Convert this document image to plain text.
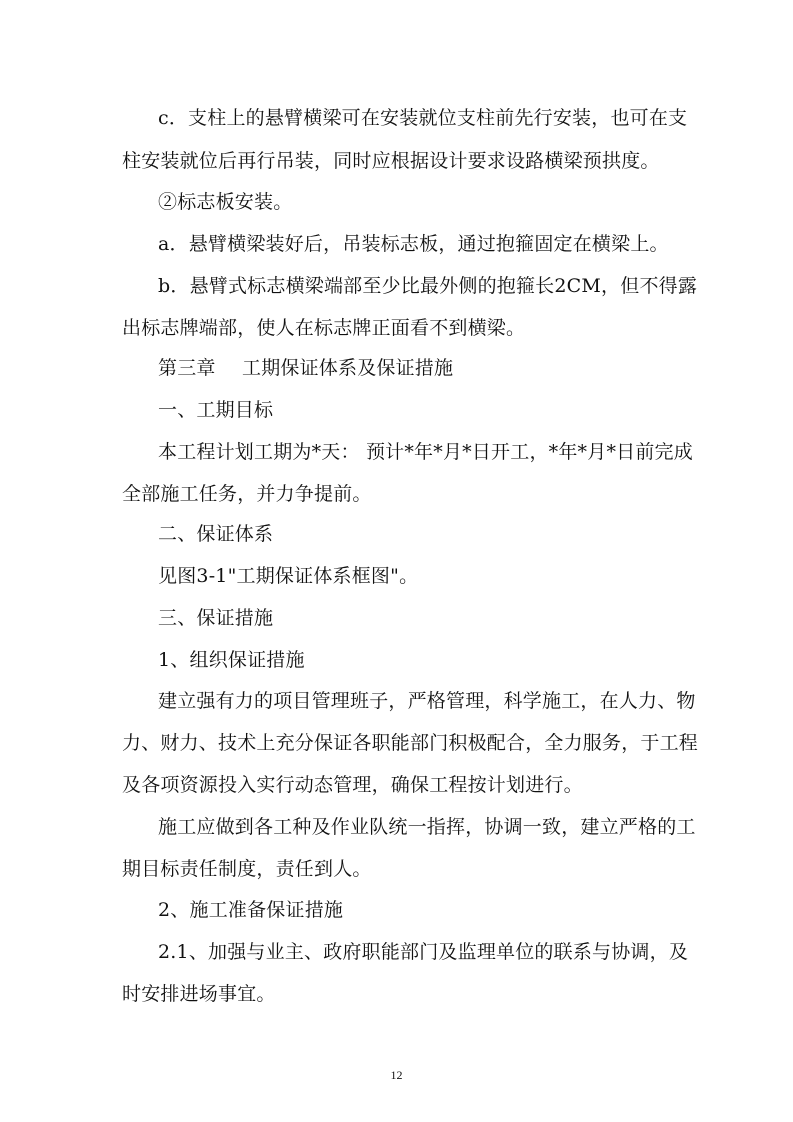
c．支柱上的悬臂横梁可在安装就位支柱前先行安装，也可在支
柱安装就位后再行吊装，同时应根据设计要求设路横梁预拱度。
②标志板安装。
a．悬臂横梁装好后，吊装标志板，通过抱箍固定在横梁上。
b．悬臂式标志横梁端部至少比最外侧的抱箍长2CM，但不得露
出标志牌端部，使人在标志牌正面看不到横梁。
第三章 工期保证体系及保证措施
一、工期目标
本工程计划工期为*天： 预计*年*月*日开工，*年*月*日前完成
全部施工任务，并力争提前。
二、保证体系
见图3-1"工期保证体系框图"。
三、保证措施
1、组织保证措施
建立强有力的项目管理班子，严格管理，科学施工，在人力、物
力、财力、技术上充分保证各职能部门积极配合，全力服务，于工程
及各项资源投入实行动态管理，确保工程按计划进行。
施工应做到各工种及作业队统一指挥，协调一致，建立严格的工
期目标责任制度，责任到人。
2、施工准备保证措施
2.1、加强与业主、政府职能部门及监理单位的联系与协调，及
时安排进场事宜。
12
